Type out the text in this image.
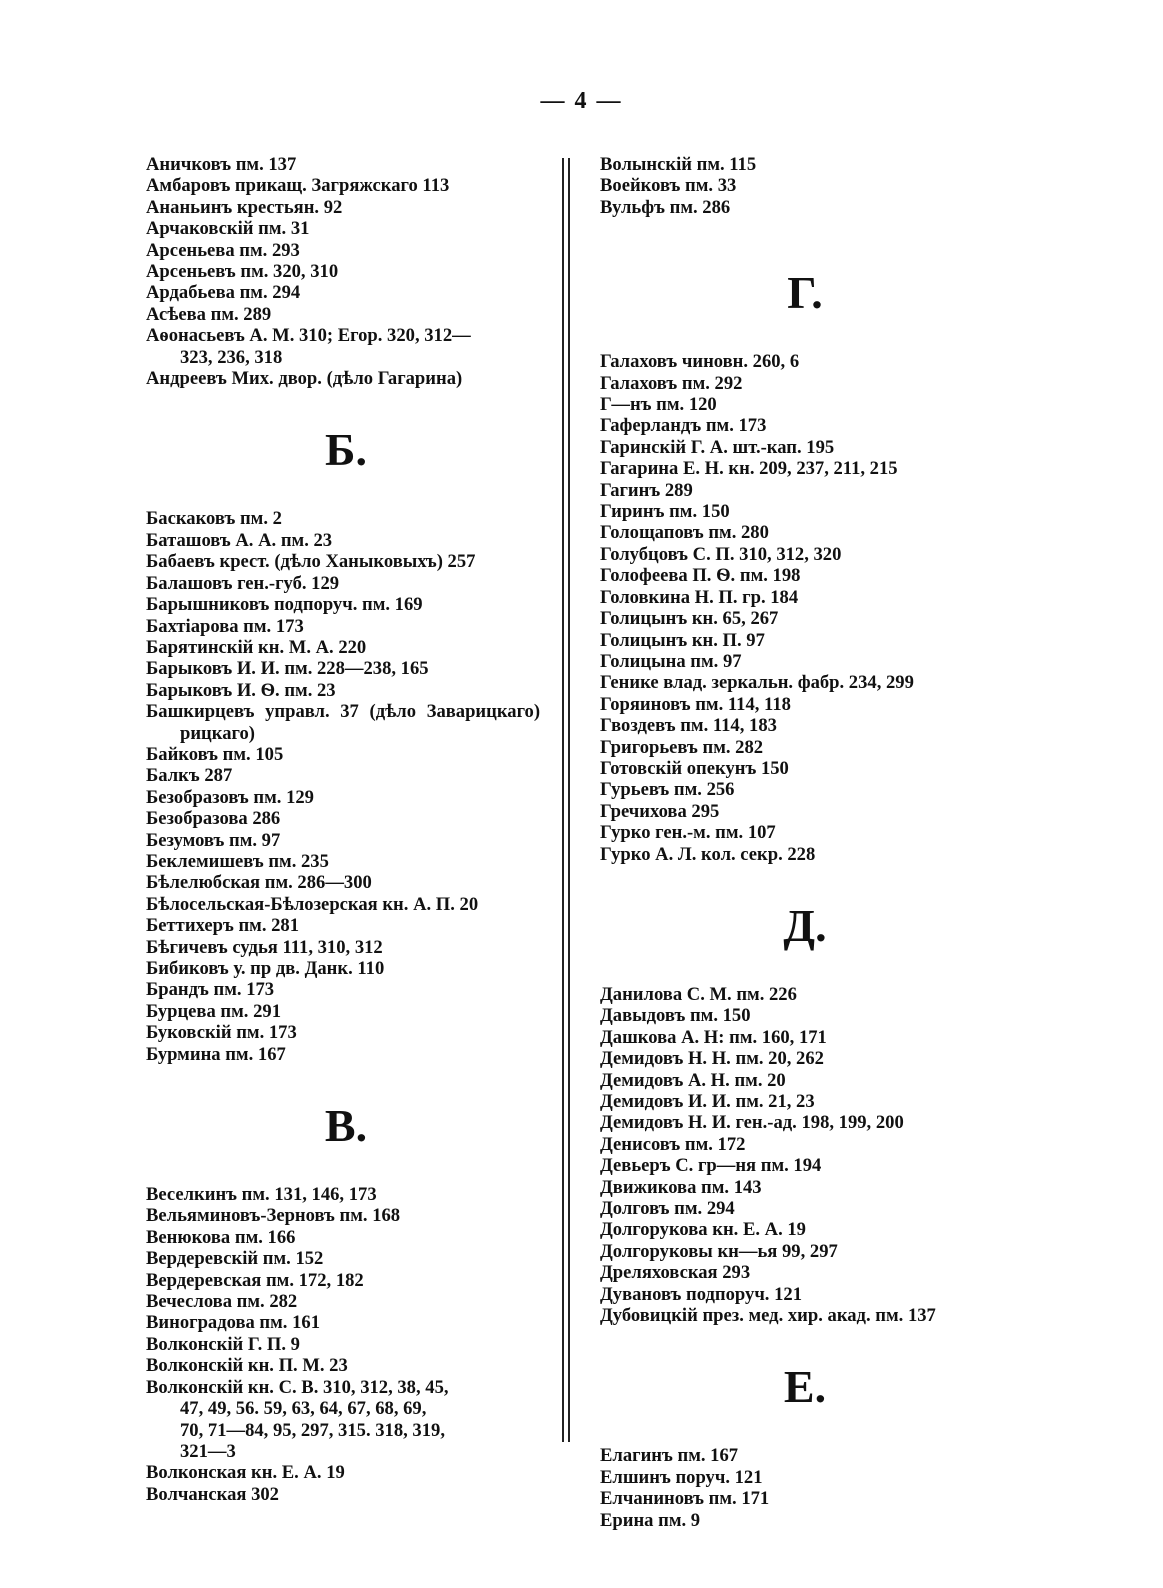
— 4 —
Аничковъ пм. 137
Амбаровъ прикащ. Загряжскаго 113
Ананьинъ крестьян. 92
Арчаковскій пм. 31
Арсеньева пм. 293
Арсеньевъ пм. 320, 310
Ардабьева пм. 294
Асѣева пм. 289
Аѳонасьевъ А. М. 310; Егор. 320, 312—
323, 236, 318
Андреевъ Мих. двор. (дѣло Гагарина)
Б.
Баскаковъ пм. 2
Баташовъ А. А. пм. 23
Бабаевъ крест. (дѣло Ханыковыхъ) 257
Балашовъ ген.-губ. 129
Барышниковъ подпоруч. пм. 169
Бахтіарова пм. 173
Барятинскій кн. М. А. 220
Барыковъ И. И. пм. 228—238, 165
Барыковъ И. Ѳ. пм. 23
Башкирцевъ управл. 37 (дѣло Заварицкаго)
рицкаго)
Байковъ пм. 105
Балкъ 287
Безобразовъ пм. 129
Безобразова 286
Безумовъ пм. 97
Беклемишевъ пм. 235
Бѣлелюбская пм. 286—300
Бѣлосельская-Бѣлозерская кн. А. П. 20
Беттихеръ пм. 281
Бѣгичевъ судья 111, 310, 312
Бибиковъ у. пр дв. Данк. 110
Брандъ пм. 173
Бурцева пм. 291
Буковскій пм. 173
Бурмина пм. 167
В.
Веселкинъ пм. 131, 146, 173
Вельяминовъ-Зерновъ пм. 168
Венюкова пм. 166
Вердеревскій пм. 152
Вердеревская пм. 172, 182
Вечеслова пм. 282
Виноградова пм. 161
Волконскій Г. П. 9
Волконскій кн. П. М. 23
Волконскій кн. С. В. 310, 312, 38, 45,
47, 49, 56. 59, 63, 64, 67, 68, 69,
70, 71—84, 95, 297, 315. 318, 319,
321—3
Волконская кн. Е. А. 19
Волчанская 302
Волынскій пм. 115
Воейковъ пм. 33
Вульфъ пм. 286
Г.
Галаховъ чиновн. 260, 6
Галаховъ пм. 292
Г—нъ пм. 120
Гаферландъ пм. 173
Гаринскій Г. А. шт.-кап. 195
Гагарина Е. Н. кн. 209, 237, 211, 215
Гагинъ 289
Гиринъ пм. 150
Голощаповъ пм. 280
Голубцовъ С. П. 310, 312, 320
Голофеева П. Ѳ. пм. 198
Головкина Н. П. гр. 184
Голицынъ кн. 65, 267
Голицынъ кн. П. 97
Голицына пм. 97
Генике влад. зеркальн. фабр. 234, 299
Горяиновъ пм. 114, 118
Гвоздевъ пм. 114, 183
Григорьевъ пм. 282
Готовскій опекунъ 150
Гурьевъ пм. 256
Гречихова 295
Гурко ген.-м. пм. 107
Гурко А. Л. кол. секр. 228
Д.
Данилова С. М. пм. 226
Давыдовъ пм. 150
Дашкова А. Н: пм. 160, 171
Демидовъ Н. Н. пм. 20, 262
Демидовъ А. Н. пм. 20
Демидовъ И. И. пм. 21, 23
Демидовъ Н. И. ген.-ад. 198, 199, 200
Денисовъ пм. 172
Девьеръ С. гр—ня пм. 194
Движикова пм. 143
Долговъ пм. 294
Долгорукова кн. Е. А. 19
Долгоруковы кн—ья 99, 297
Дреляховская 293
Дувановъ подпоруч. 121
Дубовицкій през. мед. хир. акад. пм. 137
Е.
Елагинъ пм. 167
Елшинъ поруч. 121
Елчаниновъ пм. 171
Ерина пм. 9
